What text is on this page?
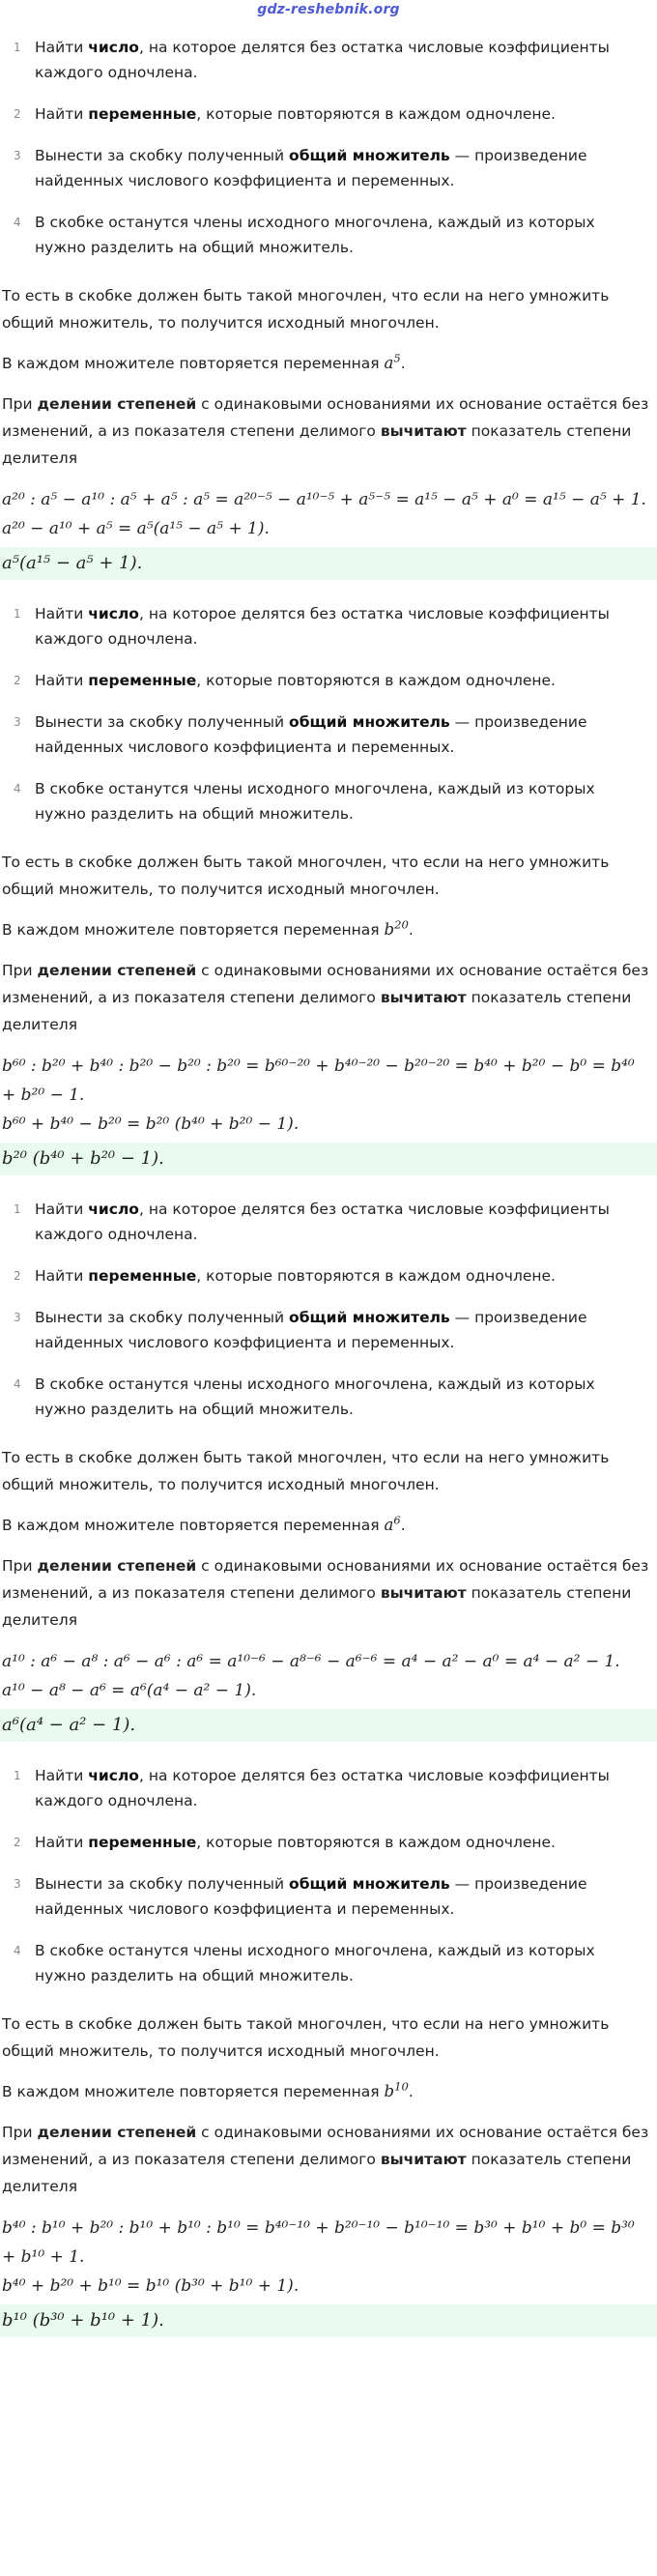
gdz-reshebnik.org
1 Найти число, на которое делятся без остатка числовые коэффициенты каждого одночлена.
2 Найти переменные, которые повторяются в каждом одночлене.
3 Вынести за скобку полученный общий множитель — произведение найденных числового коэффициента и переменных.
4 В скобке останутся члены исходного многочлена, каждый из которых нужно разделить на общий множитель.

То есть в скобке должен быть такой многочлен, что если на него умножить общий множитель, то получится исходный многочлен.

В каждом множителе повторяется переменная $a^5$.

При делении степеней с одинаковыми основаниями их основание остаётся без изменений, а из показателя степени делимого вычитают показатель степени делителя

a²⁰ : a⁵ − a¹⁰ : a⁵ + a⁵ : a⁵ = a²⁰⁻⁵ − a¹⁰⁻⁵ + a⁵⁻⁵ = a¹⁵ − a⁵ + a⁰ = a¹⁵ − a⁵ + 1.

a²⁰ − a¹⁰ + a⁵ = a⁵(a¹⁵ − a⁵ + 1).

a⁵(a¹⁵ − a⁵ + 1).
1 Найти число, на которое делятся без остатка числовые коэффициенты каждого одночлена.
2 Найти переменные, которые повторяются в каждом одночлене.
3 Вынести за скобку полученный общий множитель — произведение найденных числового коэффициента и переменных.
4 В скобке останутся члены исходного многочлена, каждый из которых нужно разделить на общий множитель.

То есть в скобке должен быть такой многочлен, что если на него умножить общий множитель, то получится исходный многочлен.

В каждом множителе повторяется переменная $b^{20}$.

При делении степеней с одинаковыми основаниями их основание остаётся без изменений, а из показателя степени делимого вычитают показатель степени делителя

b⁶⁰ : b²⁰ + b⁴⁰ : b²⁰ − b²⁰ : b²⁰ = b⁶⁰⁻²⁰ + b⁴⁰⁻²⁰ − b²⁰⁻²⁰ = b⁴⁰ + b²⁰ − b⁰ = b⁴⁰ + b²⁰ − 1.

b⁶⁰ + b⁴⁰ − b²⁰ = b²⁰ (b⁴⁰ + b²⁰ − 1).

b²⁰ (b⁴⁰ + b²⁰ − 1).
1 Найти число, на которое делятся без остатка числовые коэффициенты каждого одночлена.
2 Найти переменные, которые повторяются в каждом одночлене.
3 Вынести за скобку полученный общий множитель — произведение найденных числового коэффициента и переменных.
4 В скобке останутся члены исходного многочлена, каждый из которых нужно разделить на общий множитель.

То есть в скобке должен быть такой многочлен, что если на него умножить общий множитель, то получится исходный многочлен.

В каждом множителе повторяется переменная $a^6$.

При делении степеней с одинаковыми основаниями их основание остаётся без изменений, а из показателя степени делимого вычитают показатель степени делителя

a¹⁰ : a⁶ − a⁸ : a⁶ − a⁶ : a⁶ = a¹⁰⁻⁶ − a⁸⁻⁶ − a⁶⁻⁶ = a⁴ − a² − a⁰ = a⁴ − a² − 1.

a¹⁰ − a⁸ − a⁶ = a⁶(a⁴ − a² − 1).

a⁶(a⁴ − a² − 1).
1 Найти число, на которое делятся без остатка числовые коэффициенты каждого одночлена.
2 Найти переменные, которые повторяются в каждом одночлене.
3 Вынести за скобку полученный общий множитель — произведение найденных числового коэффициента и переменных.
4 В скобке останутся члены исходного многочлена, каждый из которых нужно разделить на общий множитель.

То есть в скобке должен быть такой многочлен, что если на него умножить общий множитель, то получится исходный многочлен.

В каждом множителе повторяется переменная $b^{10}$.

При делении степеней с одинаковыми основаниями их основание остаётся без изменений, а из показателя степени делимого вычитают показатель степени делителя

b⁴⁰ : b¹⁰ + b²⁰ : b¹⁰ + b¹⁰ : b¹⁰ = b⁴⁰⁻¹⁰ + b²⁰⁻¹⁰ − b¹⁰⁻¹⁰ = b³⁰ + b¹⁰ + b⁰ = b³⁰ + b¹⁰ + 1.

b⁴⁰ + b²⁰ + b¹⁰ = b¹⁰ (b³⁰ + b¹⁰ + 1).

b¹⁰ (b³⁰ + b¹⁰ + 1).
